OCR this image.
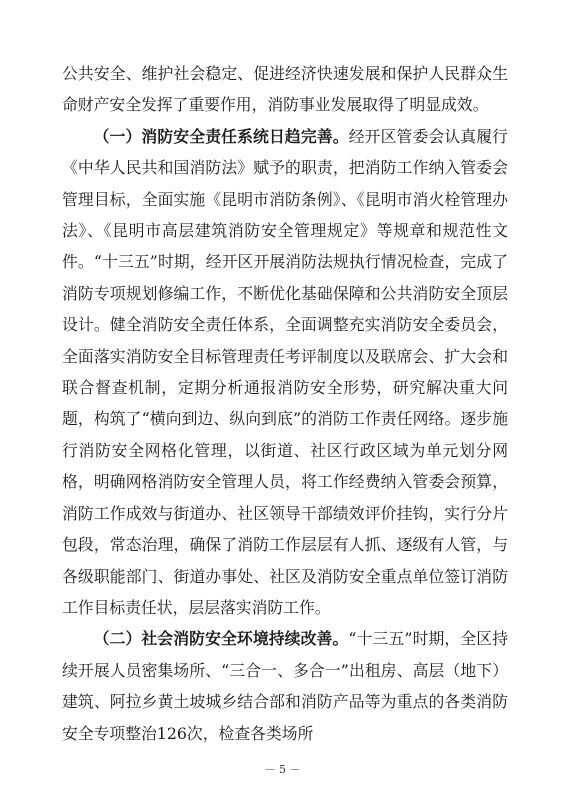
公共安全、维护社会稳定、促进经济快速发展和保护人民群众生命财产安全发挥了重要作用，消防事业发展取得了明显成效。

（一）消防安全责任系统日趋完善。经开区管委会认真履行《中华人民共和国消防法》赋予的职责，把消防工作纳入管委会管理目标，全面实施《昆明市消防条例》、《昆明市消火栓管理办法》、《昆明市高层建筑消防安全管理规定》等规章和规范性文件。“十三五”时期，经开区开展消防法规执行情况检查，完成了消防专项规划修编工作，不断优化基础保障和公共消防安全顶层设计。健全消防安全责任体系，全面调整充实消防安全委员会，全面落实消防安全目标管理责任考评制度以及联席会、扩大会和联合督查机制，定期分析通报消防安全形势，研究解决重大问题，构筑了“横向到边、纵向到底”的消防工作责任网络。逐步施行消防安全网格化管理，以街道、社区行政区域为单元划分网格，明确网格消防安全管理人员，将工作经费纳入管委会预算，消防工作成效与街道办、社区领导干部绩效评价挂钩，实行分片包段，常态治理，确保了消防工作层层有人抓、逐级有人管，与各级职能部门、街道办事处、社区及消防安全重点单位签订消防工作目标责任状，层层落实消防工作。

（二）社会消防安全环境持续改善。“十三五”时期，全区持续开展人员密集场所、“三合一、多合一”出租房、高层（地下）建筑、阿拉乡黄土坡城乡结合部和消防产品等为重点的各类消防安全专项整治126次，检查各类场所

－ 5 －
